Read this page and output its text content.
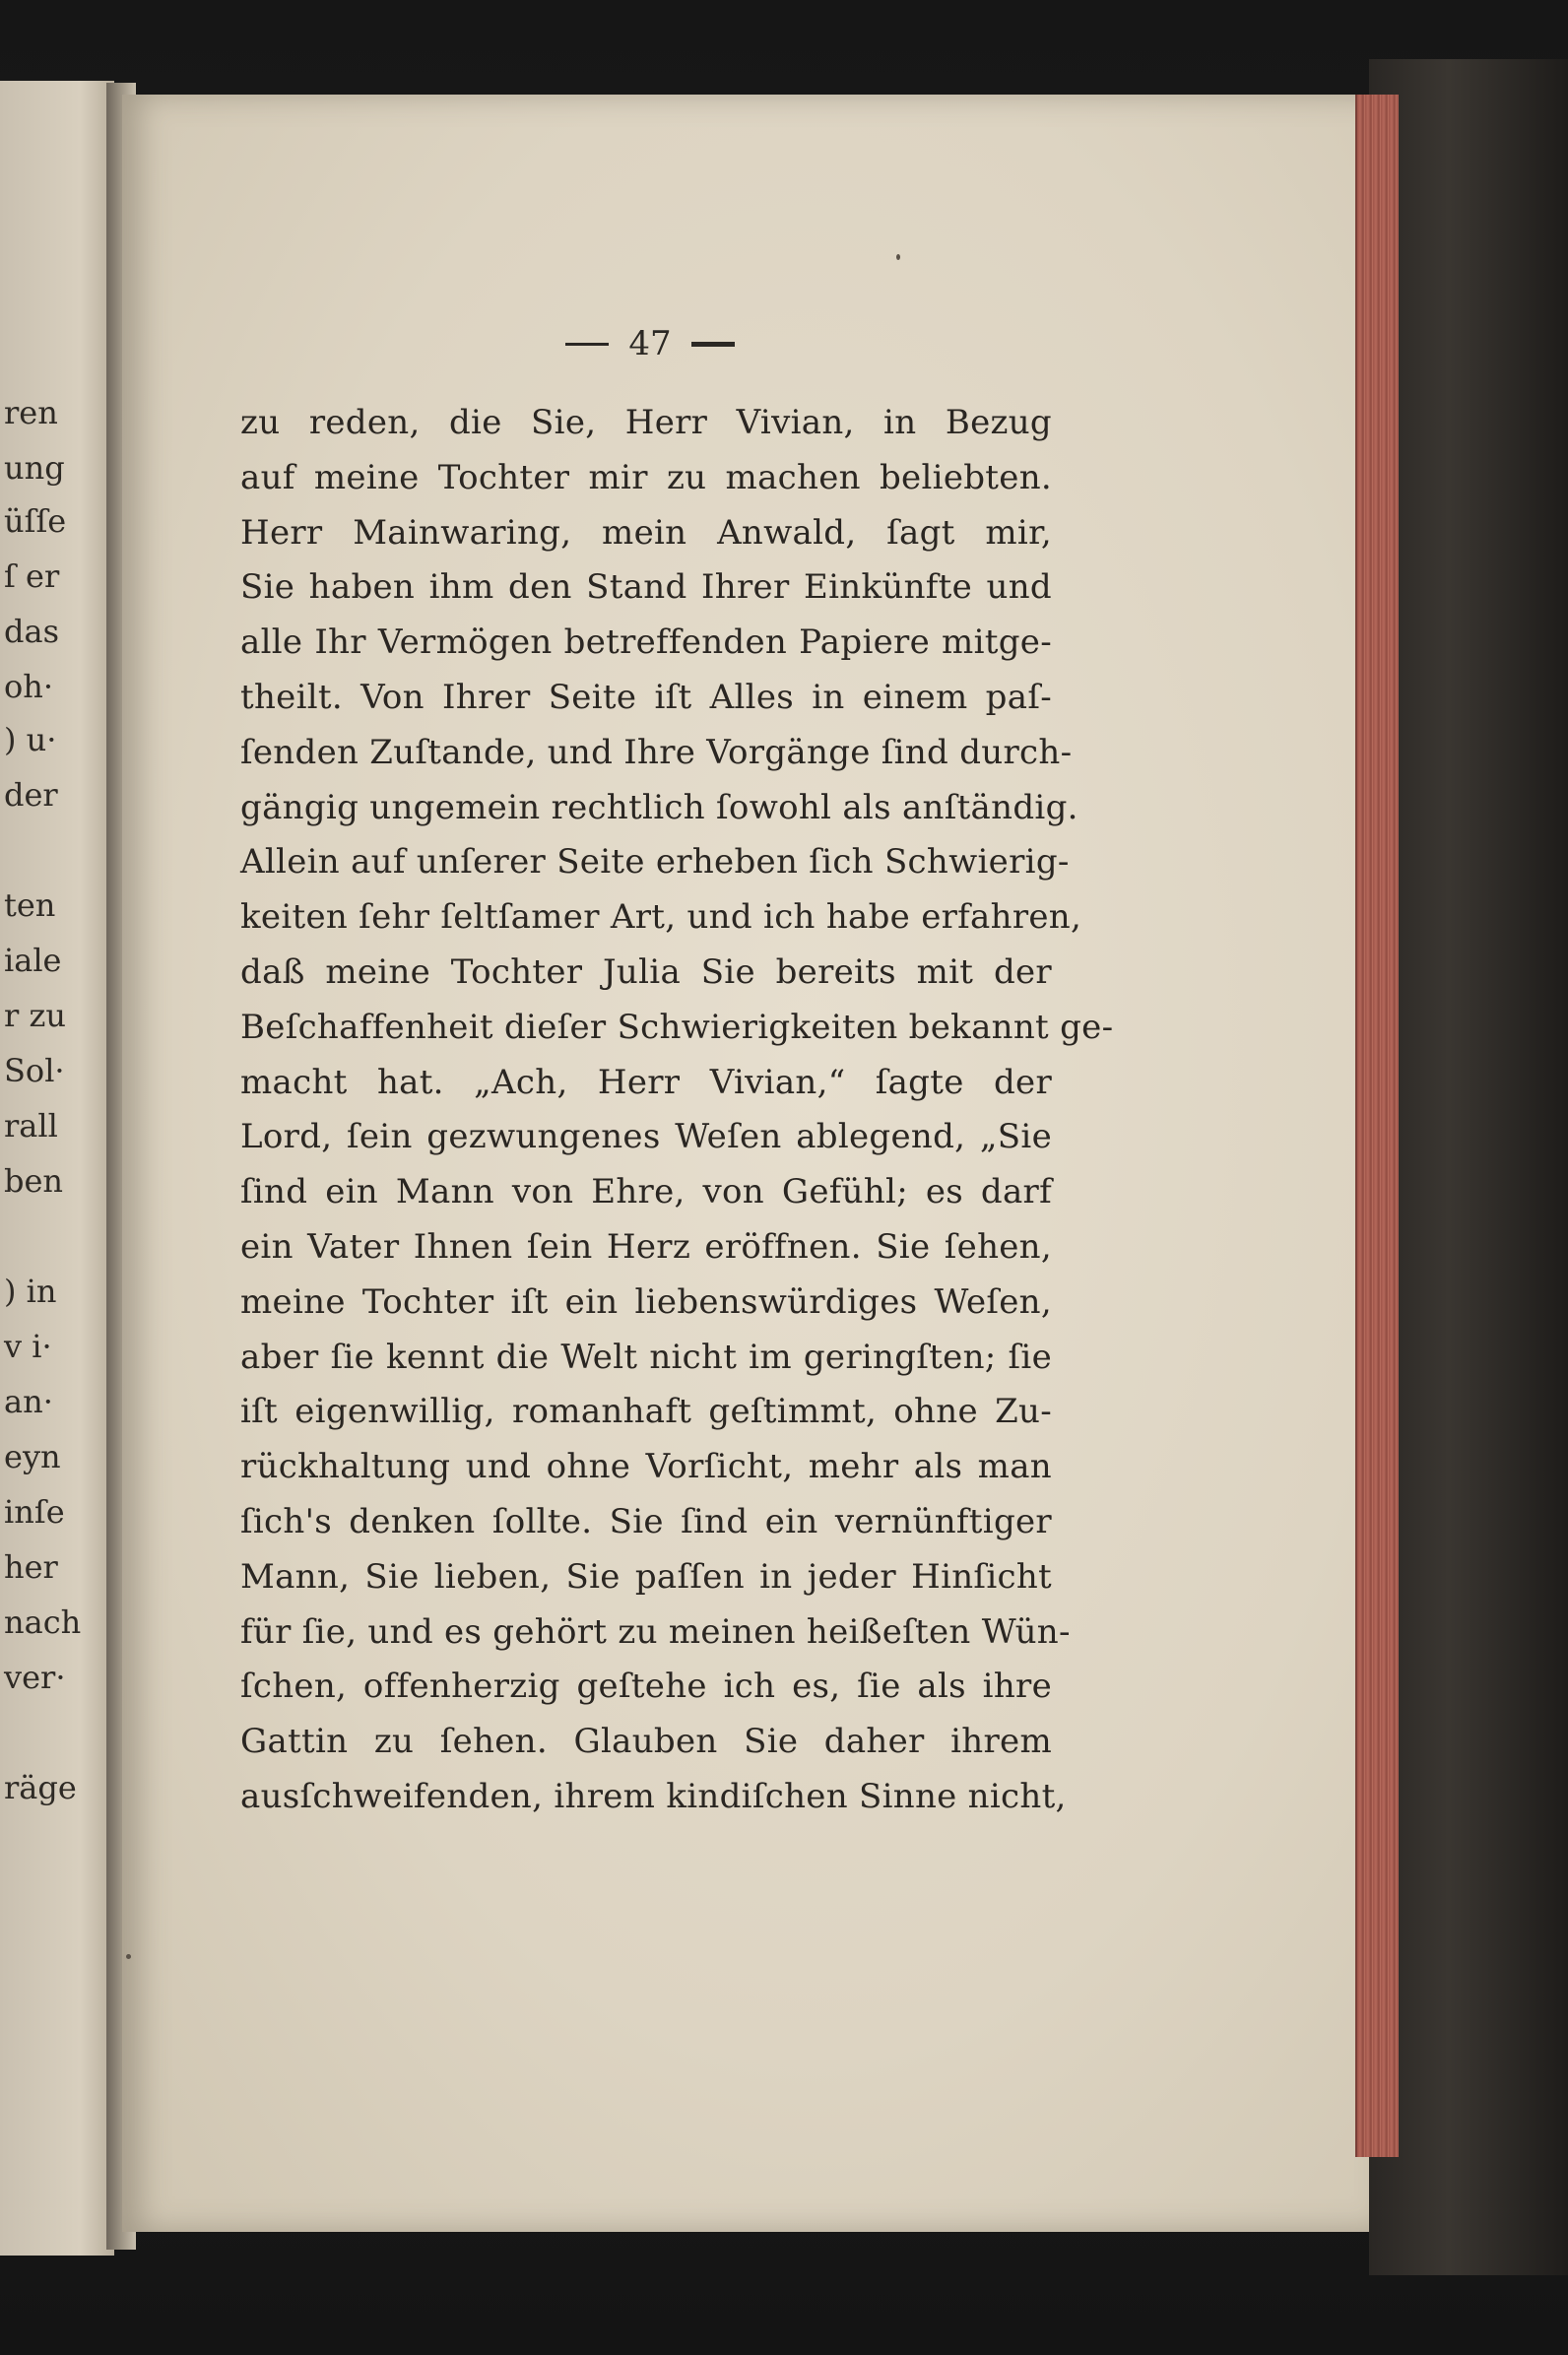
ren
ung
üſſe
ſ er
das
oh·
) u·
der
ten
iale
r zu
Sol·
rall
ben
) in
v i·
an·
eyn
inſe
her
nach
ver·
räge
47
zu reden, die Sie, Herr Vivian, in Bezug
auf meine Tochter mir zu machen beliebten.
Herr Mainwaring, mein Anwald, ſagt mir,
Sie haben ihm den Stand Ihrer Einkünfte und
alle Ihr Vermögen betreffenden Papiere mitge-
theilt. Von Ihrer Seite iſt Alles in einem paſ-
ſenden Zuſtande, und Ihre Vorgänge ſind durch-
gängig ungemein rechtlich ſowohl als anſtändig.
Allein auf unſerer Seite erheben ſich Schwierig-
keiten ſehr ſeltſamer Art, und ich habe erfahren,
daß meine Tochter Julia Sie bereits mit der
Beſchaffenheit dieſer Schwierigkeiten bekannt ge-
macht hat. „Ach, Herr Vivian,“ ſagte der
Lord, ſein gezwungenes Weſen ablegend, „Sie
ſind ein Mann von Ehre, von Gefühl; es darf
ein Vater Ihnen ſein Herz eröffnen. Sie ſehen,
meine Tochter iſt ein liebenswürdiges Weſen,
aber ſie kennt die Welt nicht im geringſten; ſie
iſt eigenwillig, romanhaft geſtimmt, ohne Zu-
rückhaltung und ohne Vorſicht, mehr als man
ſich's denken ſollte. Sie ſind ein vernünftiger
Mann, Sie lieben, Sie paſſen in jeder Hinſicht
für ſie, und es gehört zu meinen heißeſten Wün-
ſchen, offenherzig geſtehe ich es, ſie als ihre
Gattin zu ſehen. Glauben Sie daher ihrem
ausſchweifenden, ihrem kindiſchen Sinne nicht,
